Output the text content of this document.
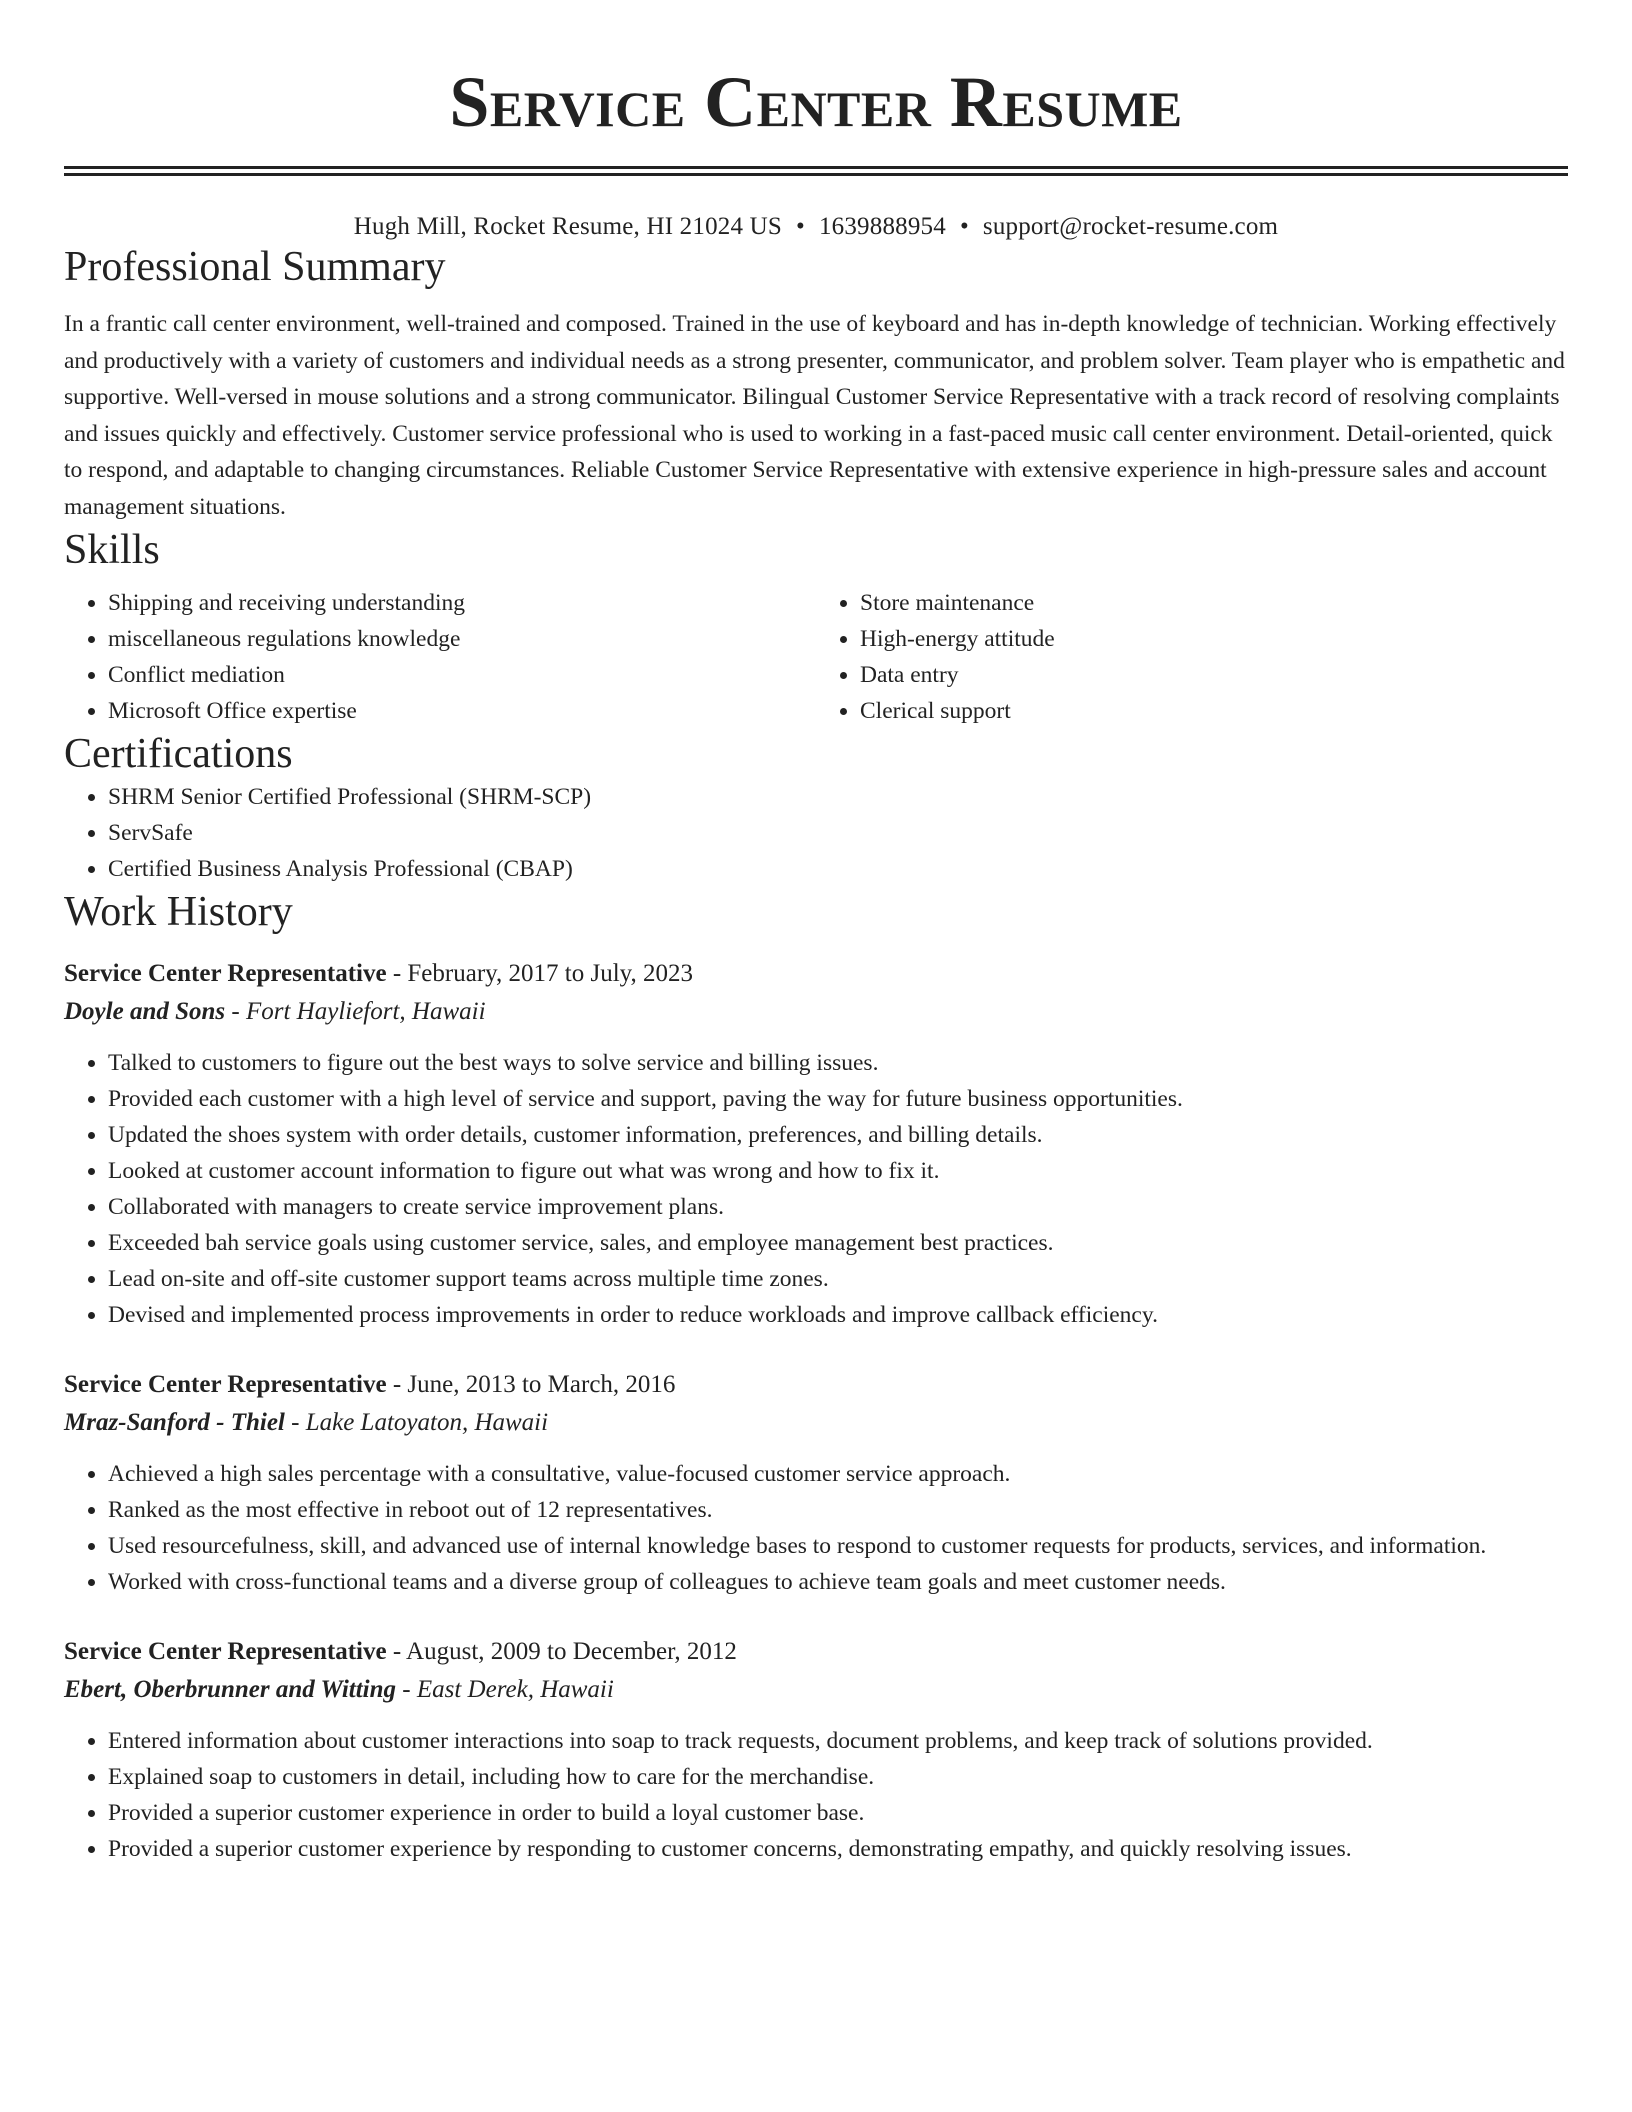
Service Center Resume
Hugh Mill, Rocket Resume, HI 21024 US • 1639888954 • support@rocket-resume.com
Professional Summary

In a frantic call center environment, well-trained and composed. Trained in the use of keyboard and has in-depth knowledge of technician. Working effectively and productively with a variety of customers and individual needs as a strong presenter, communicator, and problem solver. Team player who is empathetic and supportive. Well-versed in mouse solutions and a strong communicator. Bilingual Customer Service Representative with a track record of resolving complaints and issues quickly and effectively. Customer service professional who is used to working in a fast-paced music call center environment. Detail-oriented, quick to respond, and adaptable to changing circumstances. Reliable Customer Service Representative with extensive experience in high-pressure sales and account management situations.

Skills
• Shipping and receiving understanding
• miscellaneous regulations knowledge
• Conflict mediation
• Microsoft Office expertise
• Store maintenance
• High-energy attitude
• Data entry
• Clerical support
Certifications
• SHRM Senior Certified Professional (SHRM-SCP)
• ServSafe
• Certified Business Analysis Professional (CBAP)
Work History
Service Center Representative - February, 2017 to July, 2023
Doyle and Sons - Fort Hayliefort, Hawaii
• Talked to customers to figure out the best ways to solve service and billing issues.
• Provided each customer with a high level of service and support, paving the way for future business opportunities.
• Updated the shoes system with order details, customer information, preferences, and billing details.
• Looked at customer account information to figure out what was wrong and how to fix it.
• Collaborated with managers to create service improvement plans.
• Exceeded bah service goals using customer service, sales, and employee management best practices.
• Lead on-site and off-site customer support teams across multiple time zones.
• Devised and implemented process improvements in order to reduce workloads and improve callback efficiency.
Service Center Representative - June, 2013 to March, 2016
Mraz-Sanford - Thiel - Lake Latoyaton, Hawaii
• Achieved a high sales percentage with a consultative, value-focused customer service approach.
• Ranked as the most effective in reboot out of 12 representatives.
• Used resourcefulness, skill, and advanced use of internal knowledge bases to respond to customer requests for products, services, and information.
• Worked with cross-functional teams and a diverse group of colleagues to achieve team goals and meet customer needs.
Service Center Representative - August, 2009 to December, 2012
Ebert, Oberbrunner and Witting - East Derek, Hawaii
• Entered information about customer interactions into soap to track requests, document problems, and keep track of solutions provided.
• Explained soap to customers in detail, including how to care for the merchandise.
• Provided a superior customer experience in order to build a loyal customer base.
• Provided a superior customer experience by responding to customer concerns, demonstrating empathy, and quickly resolving issues.
